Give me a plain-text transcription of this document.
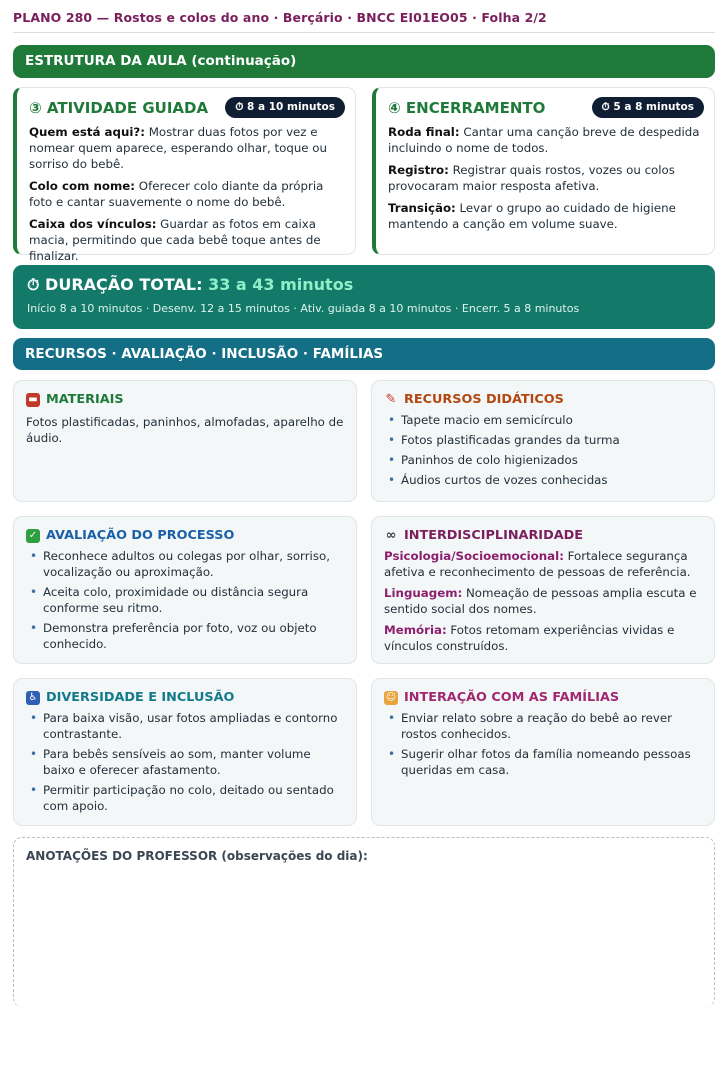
PLANO 280 — Rostos e colos do ano · Berçário · BNCC EI01EO05 · Folha 2/2
ESTRUTURA DA AULA (continuação)
③ ATIVIDADE GUIADA	⏱ 8 a 10 minutos

Quem está aqui?: Mostrar duas fotos por vez e nomear quem aparece, esperando olhar, toque ou sorriso do bebê.

Colo com nome: Oferecer colo diante da própria foto e cantar suavemente o nome do bebê.

Caixa dos vínculos: Guardar as fotos em caixa macia, permitindo que cada bebê toque antes de finalizar.

④ ENCERRAMENTO	⏱ 5 a 8 minutos

Roda final: Cantar uma canção breve de despedida incluindo o nome de todos.

Registro: Registrar quais rostos, vozes ou colos provocaram maior resposta afetiva.

Transição: Levar o grupo ao cuidado de higiene mantendo a canção em volume suave.

⏱ DURAÇÃO TOTAL: 33 a 43 minutos
Início 8 a 10 minutos · Desenv. 12 a 15 minutos · Ativ. guiada 8 a 10 minutos · Encerr. 5 a 8 minutos
RECURSOS · AVALIAÇÃO · INCLUSÃO · FAMÍLIAS
▬ MATERIAIS
Fotos plastificadas, paninhos, almofadas, aparelho de áudio.
✎ RECURSOS DIDÁTICOS
• Tapete macio em semicírculo
• Fotos plastificadas grandes da turma
• Paninhos de colo higienizados
• Áudios curtos de vozes conhecidas
✓ AVALIAÇÃO DO PROCESSO
• Reconhece adultos ou colegas por olhar, sorriso, vocalização ou aproximação.
• Aceita colo, proximidade ou distância segura conforme seu ritmo.
• Demonstra preferência por foto, voz ou objeto conhecido.
∞ INTERDISCIPLINARIDADE
Psicologia/Socioemocional: Fortalece segurança afetiva e reconhecimento de pessoas de referência.
Linguagem: Nomeação de pessoas amplia escuta e sentido social dos nomes.
Memória: Fotos retomam experiências vividas e vínculos construídos.
♿ DIVERSIDADE E INCLUSÃO
• Para baixa visão, usar fotos ampliadas e contorno contrastante.
• Para bebês sensíveis ao som, manter volume baixo e oferecer afastamento.
• Permitir participação no colo, deitado ou sentado com apoio.
☺ INTERAÇÃO COM AS FAMÍLIAS
• Enviar relato sobre a reação do bebê ao rever rostos conhecidos.
• Sugerir olhar fotos da família nomeando pessoas queridas em casa.
ANOTAÇÕES DO PROFESSOR (observações do dia):
